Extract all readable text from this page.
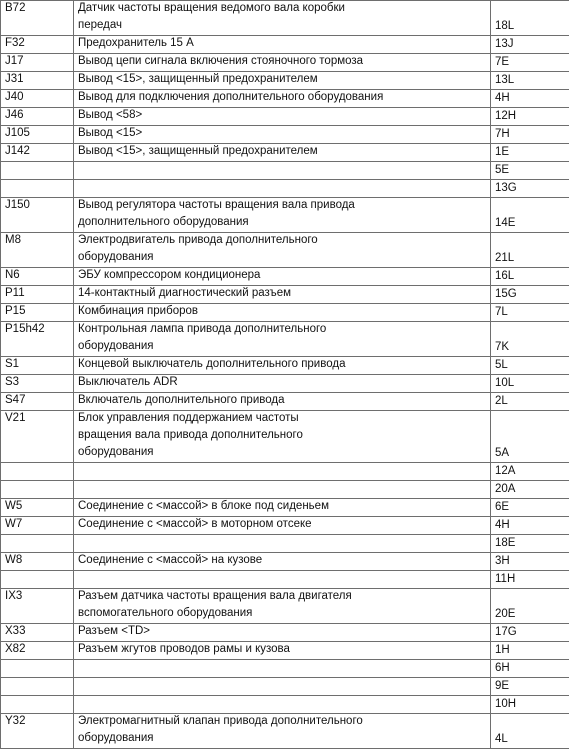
B72	Датчик частоты вращения ведомого вала коробки
передач	18L

F32	Предохранитель 15 A	13J

J17	Вывод цепи сигнала включения стояночного тормоза	7E

J31	Вывод <15>, защищенный предохранителем	13L

J40	Вывод для подключения дополнительного оборудования	4H

J46	Вывод <58>	12H

J105	Вывод <15>	7H

J142	Вывод <15>, защищенный предохранителем	1E

		5E

		13G

J150	Вывод регулятора частоты вращения вала привода
дополнительного оборудования	14E

M8	Электродвигатель привода дополнительного
оборудования	21L

N6	ЭБУ компрессором кондиционера	16L

P11	14-контактный диагностический разъем	15G

P15	Комбинация приборов	7L

P15h42	Контрольная лампа привода дополнительного
оборудования	7K

S1	Концевой выключатель дополнительного привода	5L

S3	Выключатель ADR	10L

S47	Включатель дополнительного привода	2L

V21	Блок управления поддержанием частоты
вращения вала привода дополнительного
оборудования	5A

		12A

		20A

W5	Соединение с <массой> в блоке под сиденьем	6E

W7	Соединение с <массой> в моторном отсеке	4H

		18E

W8	Соединение с <массой> на кузове	3H

		11H

IX3	Разъем датчика частоты вращения вала двигателя
вспомогательного оборудования	20E

X33	Разъем <TD>	17G

X82	Разъем жгутов проводов рамы и кузова	1H

		6H

		9E

		10H

Y32	Электромагнитный клапан привода дополнительного
оборудования	4L
